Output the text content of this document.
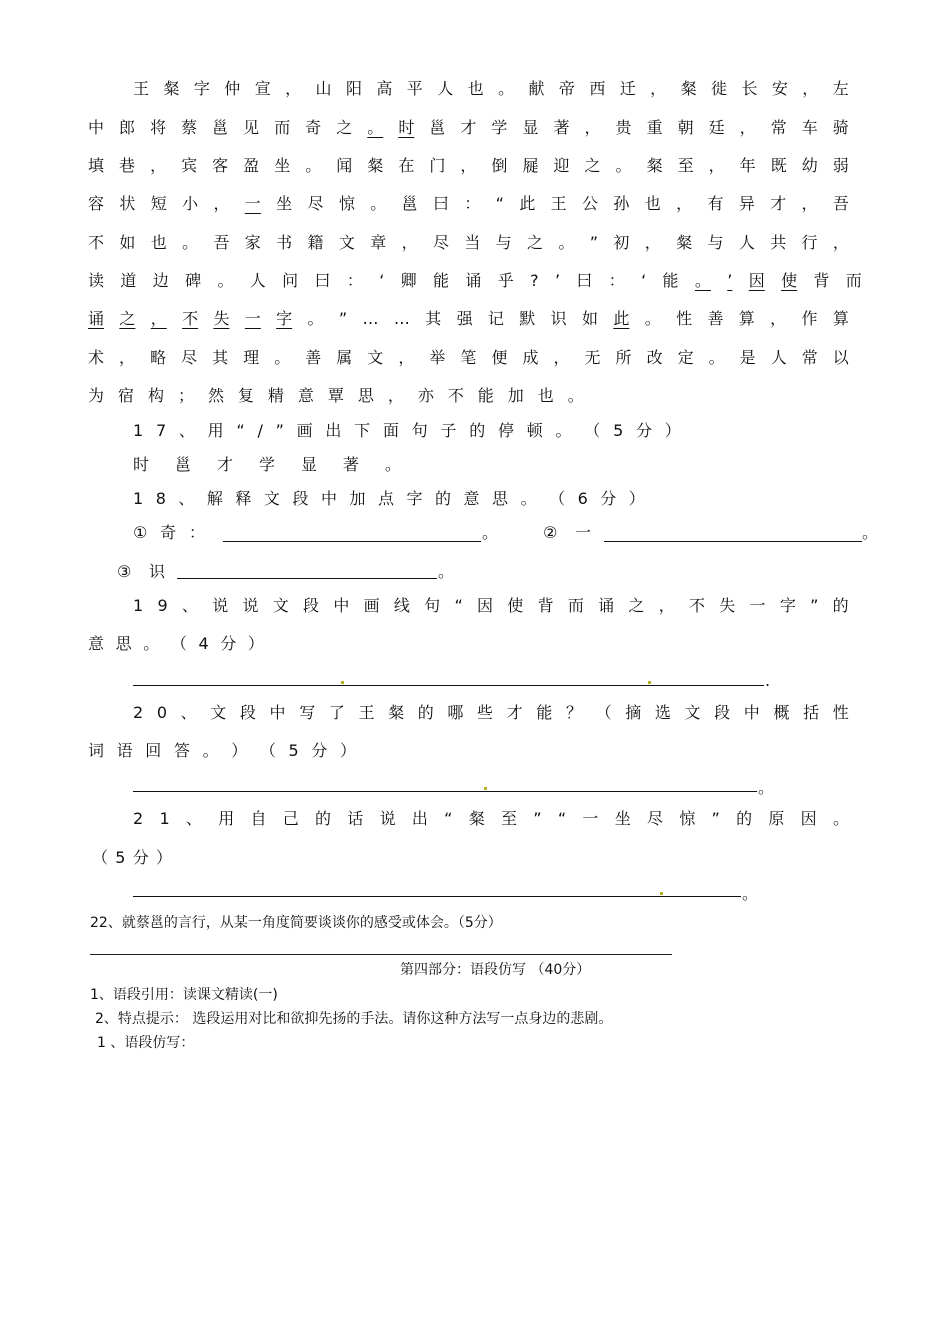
王 粲 字 仲 宣 ， 山 阳 高 平 人 也 。 献 帝 西 迁 ， 粲 徙 长 安 ， 左
中 郎 将 蔡 邕 见 而 奇 之 。 时 邕 才 学 显 著 ， 贵 重 朝 廷 ， 常 车 骑
填 巷 ， 宾 客 盈 坐 。 闻 粲 在 门 ， 倒 屣 迎 之 。 粲 至 ， 年 既 幼 弱
容 状 短 小 ， 一 坐 尽 惊 。 邕 曰 ： “ 此 王 公 孙 也 ， 有 异 才 ， 吾
不 如 也 。 吾 家 书 籍 文 章 ， 尽 当 与 之 。 ” 初 ， 粲 与 人 共 行 ，
读 道 边 碑 。 人 问 曰 ： ‘ 卿 能 诵 乎 ? ’ 曰 ： ‘ 能 。 ’ 因 使 背 而
诵 之 ， 不 失 一 字 。 ” … … 其 强 记 默 识 如 此 。 性 善 算 ， 作 算
术 ， 略 尽 其 理 。 善 属 文 ， 举 笔 便 成 ， 无 所 改 定 。 是 人 常 以
为 宿 构 ； 然 复 精 意 覃 思 ， 亦 不 能 加 也 。
1 7 、 用 “ / ” 画 出 下 面 句 子 的 停 顿 。 （ 5 分 ）
时 邕 才 学 显 著 。
1 8 、 解 释 文 段 中 加 点 字 的 意 思 。 （ 6 分 ）
① 奇 ：	。	② 一	。
③ 识	。
1 9 、 说 说 文 段 中 画 线 句 “ 因 使 背 而 诵 之 ， 不 失 一 字 ” 的
意 思 。 （ 4 分 ）
.
2 0 、 文 段 中 写 了 王 粲 的 哪 些 才 能 ？ （ 摘 选 文 段 中 概 括 性
词 语 回 答 。 ） （ 5 分 ）
。
2 1 、 用 自 己 的 话 说 出 “ 粲 至 ” “ 一 坐 尽 惊 ” 的 原 因 。
（ 5 分 ）
。
22、就蔡邕的言行，从某一角度简要谈谈你的感受或体会。（5分）
第四部分：语段仿写 （40分）
1、语段引用：读课文精读(一)
2、特点提示： 选段运用对比和欲抑先扬的手法。请你这种方法写一点身边的悲剧。
1 、语段仿写：
